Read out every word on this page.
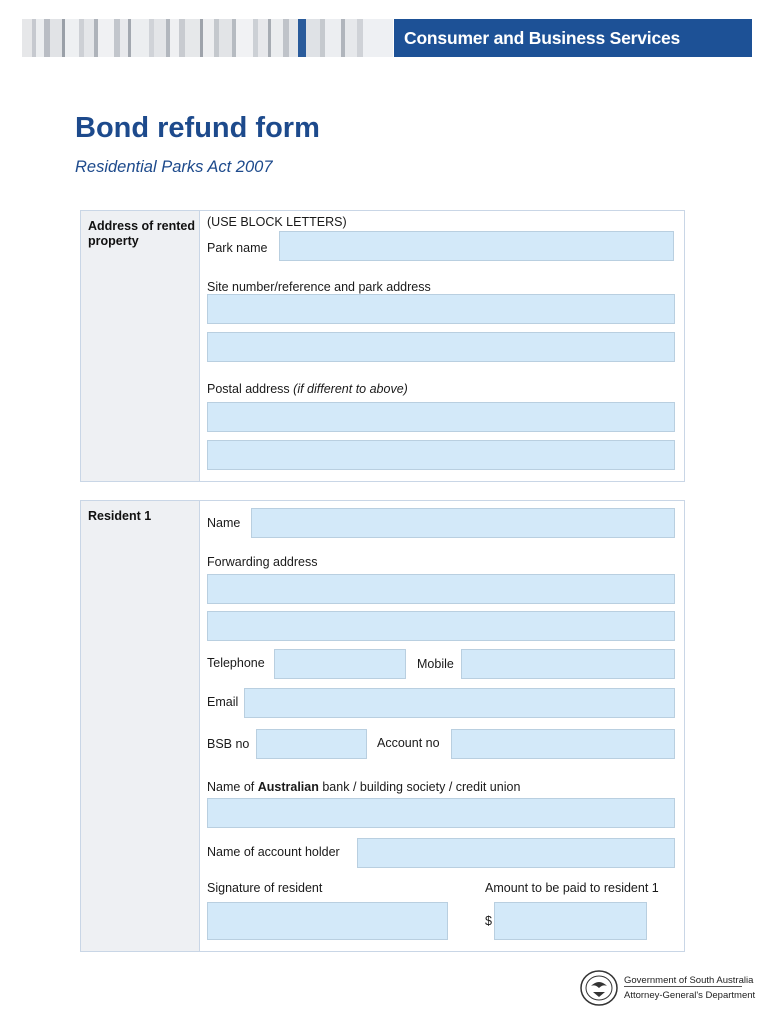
Consumer and Business Services
Bond refund form
Residential Parks Act 2007
Address of rented property
(USE BLOCK LETTERS)
Park name
Site number/reference and park address
Postal address (if different to above)
Resident 1	Name
Forwarding address
Telephone	Mobile
Email
BSB no	Account no
Name of Australian bank / building society / credit union
Name of account holder
Signature of resident	Amount to be paid to resident 1
$
Government of South Australia
Attorney-General's Department
